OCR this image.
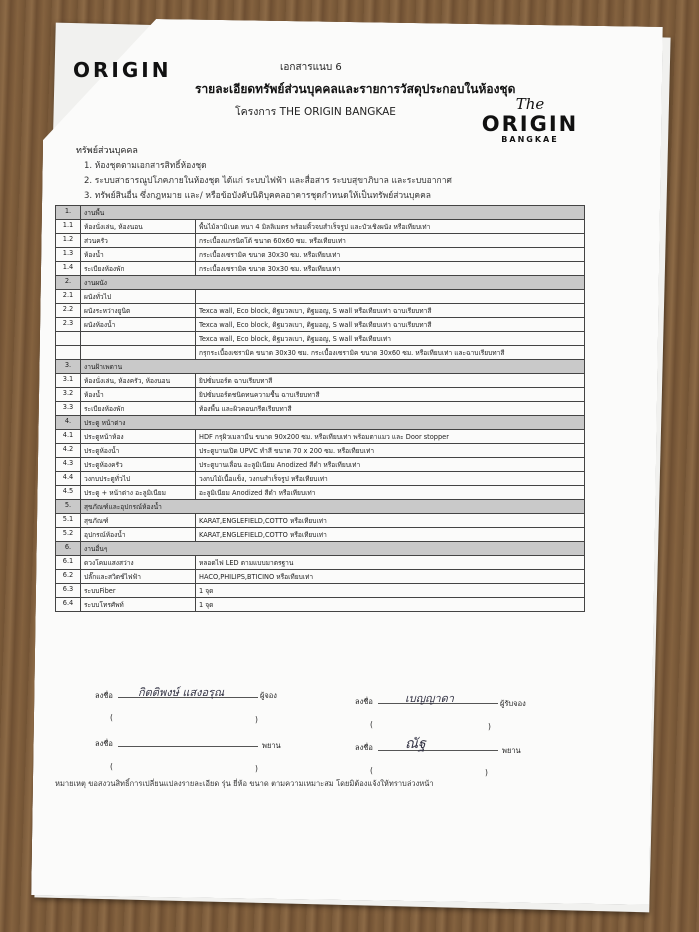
ORIGIN	เอกสารแนบ 6
รายละเอียดทรัพย์ส่วนบุคคลและรายการวัสดุประกอบในห้องชุด
โครงการ THE ORIGIN BANGKAE	The
ORIGIN
BANGKAE
ทรัพย์ส่วนบุคคล
1. ห้องชุดตามเอกสารสิทธิ์ห้องชุด
2. ระบบสาธารณูปโภคภายในห้องชุด ได้แก่ ระบบไฟฟ้า และสื่อสาร ระบบสุขาภิบาล และระบบอากาศ
3. ทรัพย์สินอื่น ซึ่งกฎหมาย และ/ หรือข้อบังคับนิติบุคคลอาคารชุดกำหนดให้เป็นทรัพย์ส่วนบุคคล
1.	งานพื้น	
1.1	ห้องนั่งเล่น, ห้องนอน	พื้นไม้ลามิเนต หนา 4 มิลลิเมตร พร้อมคิ้วจบสำเร็จรูป และบัวเชิงผนัง หรือเทียบเท่า
1.2	ส่วนครัว	กระเบื้องแกรนิตโต้ ขนาด 60x60 ซม. หรือเทียบเท่า
1.3	ห้องน้ำ	กระเบื้องเซรามิค ขนาด 30x30 ซม. หรือเทียบเท่า
1.4	ระเบียงห้องพัก	กระเบื้องเซรามิค ขนาด 30x30 ซม. หรือเทียบเท่า
2.	งานผนัง	
2.1	ผนังทั่วไป	
2.2	ผนังระหว่างยูนิต	Texca wall, Eco block, ดิฐมวลเบา, ดิฐมอญ, S wall หรือเทียบเท่า ฉาบเรียบทาสี
2.3	ผนังห้องน้ำ	Texca wall, Eco block, ดิฐมวลเบา, ดิฐมอญ, S wall หรือเทียบเท่า ฉาบเรียบทาสี
		Texca wall, Eco block, ดิฐมวลเบา, ดิฐมอญ, S wall หรือเทียบเท่า
		กรุกระเบื้องเซรามิค ขนาด 30x30 ซม. กระเบื้องเซรามิค ขนาด 30x60 ซม. หรือเทียบเท่า และฉาบเรียบทาสี
3.	งานฝ้าเพดาน	
3.1	ห้องนั่งเล่น, ห้องครัว, ห้องนอน	ยิปซั่มบอร์ด ฉาบเรียบทาสี
3.2	ห้องน้ำ	ยิปซั่มบอร์ดชนิดทนความชื้น ฉาบเรียบทาสี
3.3	ระเบียงห้องพัก	ท้องพื้น และผิวคอนกรีตเรียบทาสี
4.	ประตู หน้าต่าง	
4.1	ประตูหน้าห้อง	HDF กรุผิวเมลามีน ขนาด 90x200 ซม. หรือเทียบเท่า พร้อมตาแมว และ Door stopper
4.2	ประตูห้องน้ำ	ประตูบานเปิด UPVC ทำสี ขนาด 70 x 200 ซม. หรือเทียบเท่า
4.3	ประตูห้องครัว	ประตูบานเลื่อน อะลูมิเนียม Anodized สีดำ หรือเทียบเท่า
4.4	วงกบประตูทั่วไป	วงกบไม้เนื้อแข็ง, วงกบสำเร็จรูป หรือเทียบเท่า
4.5	ประตู + หน้าต่าง อะลูมิเนียม	อะลูมิเนียม Anodized สีดำ หรือเทียบเท่า
5.	สุขภัณฑ์และอุปกรณ์ห้องน้ำ	
5.1	สุขภัณฑ์	KARAT,ENGLEFIELD,COTTO หรือเทียบเท่า
5.2	อุปกรณ์ห้องน้ำ	KARAT,ENGLEFIELD,COTTO หรือเทียบเท่า
6.	งานอื่นๆ	
6.1	ดวงโคมแสงสว่าง	หลอดไฟ LED ตามแบบมาตรฐาน
6.2	ปลั๊กและสวิตช์ไฟฟ้า	HACO,PHILIPS,BTICINO หรือเทียบเท่า
6.3	ระบบFiber	1 จุด
6.4	ระบบโทรศัพท์	1 จุด
ลงชื่อ กิตติพงษ์ แสงอรุณ	ผู้จอง
ลงชื่อ	เบญญาดา	ผู้รับจอง
(	)
(	)
ลงชื่อ	พยาน	ลงชื่อ ณัฐ	พยาน
(	)	(	)
หมายเหตุ ขอสงวนสิทธิ์การเปลี่ยนแปลงรายละเอียด รุ่น ยี่ห้อ ขนาด ตามความเหมาะสม โดยมิต้องแจ้งให้ทราบล่วงหน้า
